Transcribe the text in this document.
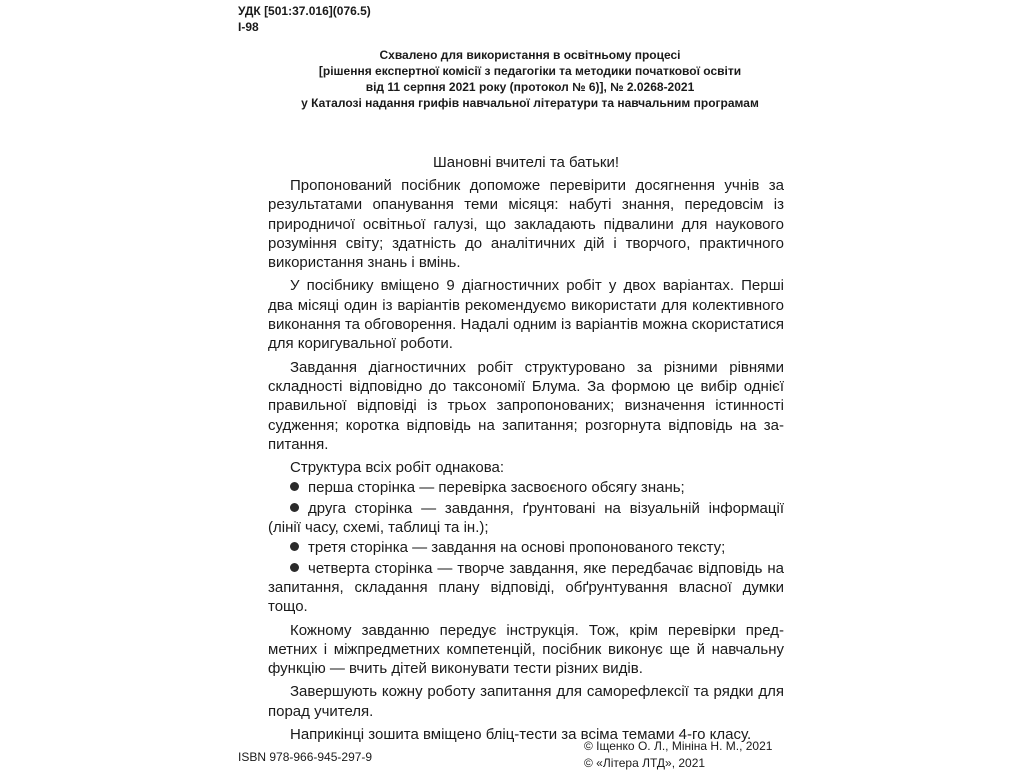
УДК [501:37.016](076.5)
І-98
Схвалено для використання в освітньому процесі
[рішення експертної комісії з педагогіки та методики початкової освіти
від 11 серпня 2021 року (протокол № 6)], № 2.0268-2021
у Каталозі надання грифів навчальної літератури та навчальним програмам
Шановні вчителі та батьки!

Пропонований посібник допоможе перевірити досягнення учнів за результатами опанування теми місяця: набуті знання, передовсім із природничої освітньої галузі, що закладають підвалини для наукового розуміння світу; здатність до аналітичних дій і творчого, практичного використання знань і вмінь.

У посібнику вміщено 9 діагностичних робіт у двох варіантах. Перші два місяці один із варіантів рекомендуємо використати для колективного виконання та обговорення. Надалі одним із варіантів можна скористатися для коригувальної роботи.

Завдання діагностичних робіт структуровано за різними рівнями складності відповідно до таксономії Блума. За формою це вибір однієї правильної відповіді із трьох запропонованих; визначення істинності судження; коротка відповідь на запитання; розгорнута відповідь на запитання.

Структура всіх робіт однакова:

перша сторінка — перевірка засвоєного обсягу знань;

друга сторінка — завдання, ґрунтовані на візуальній інформації (лінії часу, схемі, таблиці та ін.);

третя сторінка — завдання на основі пропонованого тексту;

четверта сторінка — творче завдання, яке передбачає відповідь на запитання, складання плану відповіді, обґрунтування власної думки тощо.

Кожному завданню передує інструкція. Тож, крім перевірки предметних і міжпредметних компетенцій, посібник виконує ще й навчальну функцію — вчить дітей виконувати тести різних видів.

Завершують кожну роботу запитання для саморефлексії та рядки для порад учителя.

Наприкінці зошита вміщено бліц-тести за всіма темами 4-го класу.

ISBN 978-966-945-297-9
© Іщенко О. Л., Мініна Н. М., 2021
© «Літера ЛТД», 2021
